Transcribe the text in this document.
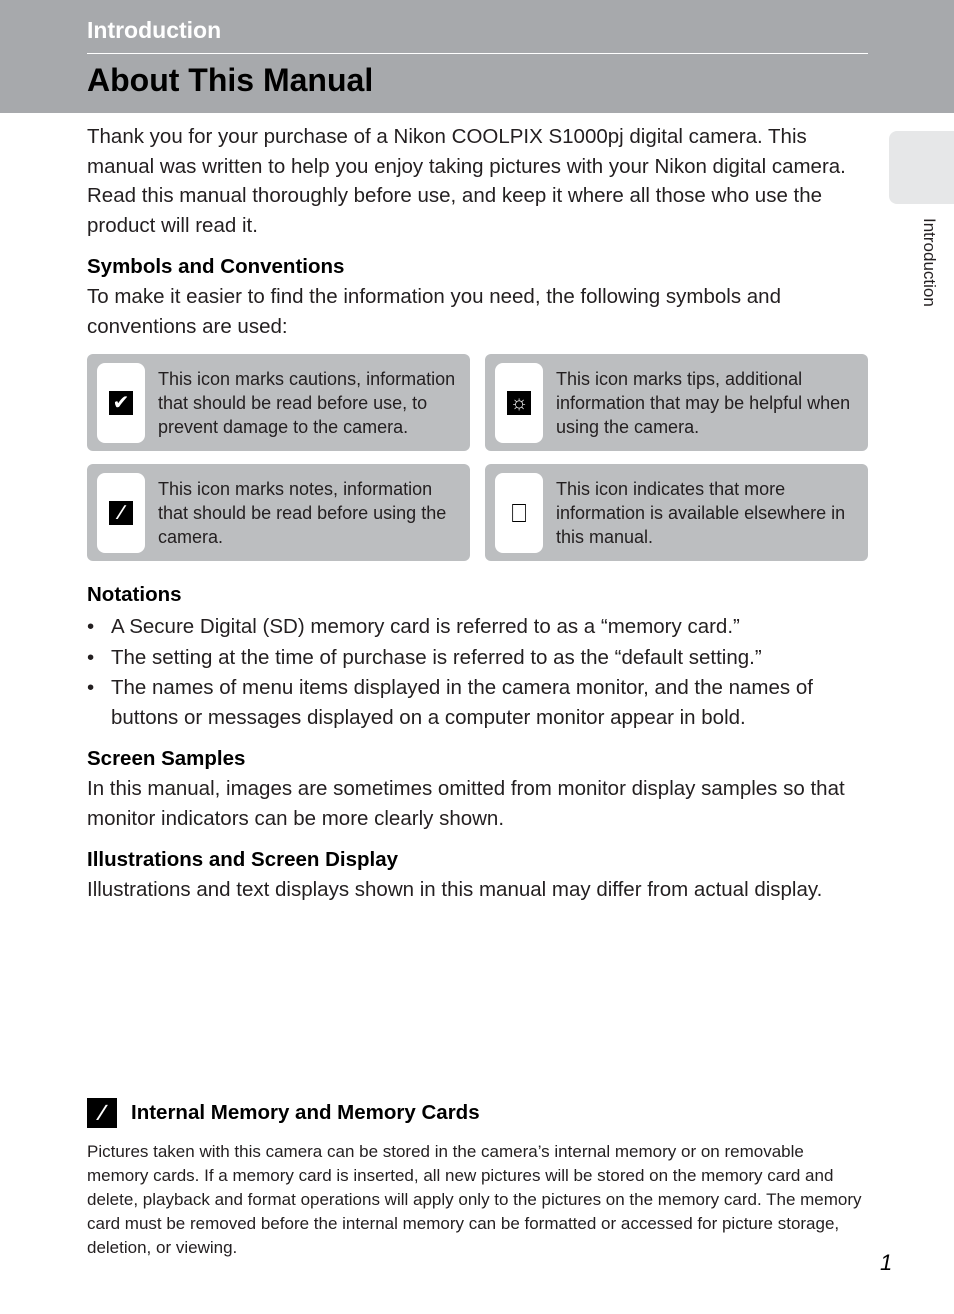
Introduction
About This Manual
Introduction

Thank you for your purchase of a Nikon COOLPIX S1000pj digital camera. This manual was written to help you enjoy taking pictures with your Nikon digital camera. Read this manual thoroughly before use, and keep it where all those who use the product will read it.

Symbols and Conventions

To make it easier to find the information you need, the following symbols and conventions are used:

✔
This icon marks cautions, information that should be read before use, to prevent damage to the camera.
☼
This icon marks tips, additional information that may be helpful when using the camera.
∕
This icon marks notes, information that should be read before using the camera.
⎕
This icon indicates that more information is available elsewhere in this manual.
Notations
• A Secure Digital (SD) memory card is referred to as a “memory card.”
• The setting at the time of purchase is referred to as the “default setting.”
• The names of menu items displayed in the camera monitor, and the names of buttons or messages displayed on a computer monitor appear in bold.
Screen Samples

In this manual, images are sometimes omitted from monitor display samples so that monitor indicators can be more clearly shown.

Illustrations and Screen Display

Illustrations and text displays shown in this manual may differ from actual display.

∕	Internal Memory and Memory Cards

Pictures taken with this camera can be stored in the camera’s internal memory or on removable memory cards. If a memory card is inserted, all new pictures will be stored on the memory card and delete, playback and format operations will apply only to the pictures on the memory card. The memory card must be removed before the internal memory can be formatted or accessed for picture storage, deletion, or viewing.

1
